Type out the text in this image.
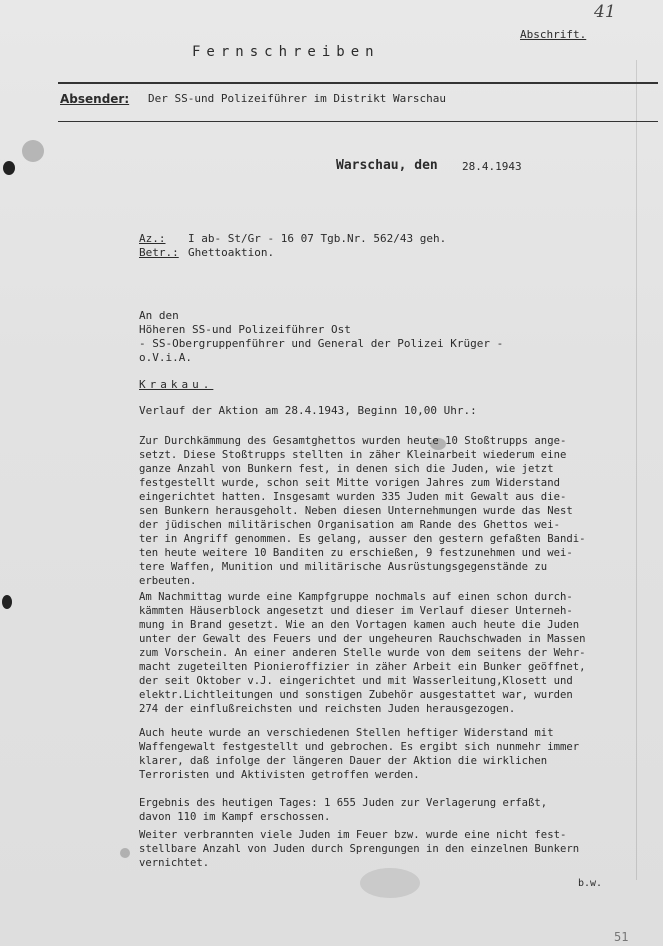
41
Abschrift.
Fernschreiben
Absender: Der SS-und Polizeiführer im Distrikt Warschau
Warschau, den 28.4.1943
Az.: I ab- St/Gr - 16 07 Tgb.Nr. 562/43 geh.
Betr.: Ghettoaktion.
An den
Höheren SS-und Polizeiführer Ost
- SS-Obergruppenführer und General der Polizei Krüger -
o.V.i.A.
Krakau.
Verlauf der Aktion am 28.4.1943, Beginn 10,00 Uhr.:
Zur Durchkämmung des Gesamtghettos wurden heute 10 Stoßtrupps ange-
setzt. Diese Stoßtrupps stellten in zäher Kleinarbeit wiederum eine
ganze Anzahl von Bunkern fest, in denen sich die Juden, wie jetzt
festgestellt wurde, schon seit Mitte vorigen Jahres zum Widerstand
eingerichtet hatten. Insgesamt wurden 335 Juden mit Gewalt aus die-
sen Bunkern herausgeholt. Neben diesen Unternehmungen wurde das Nest
der jüdischen militärischen Organisation am Rande des Ghettos wei-
ter in Angriff genommen. Es gelang, ausser den gestern gefaßten Bandi-
ten heute weitere 10 Banditen zu erschießen, 9 festzunehmen und wei-
tere Waffen, Munition und militärische Ausrüstungsgegenstände zu
erbeuten.
Am Nachmittag wurde eine Kampfgruppe nochmals auf einen schon durch-
kämmten Häuserblock angesetzt und dieser im Verlauf dieser Unterneh-
mung in Brand gesetzt. Wie an den Vortagen kamen auch heute die Juden
unter der Gewalt des Feuers und der ungeheuren Rauchschwaden in Massen
zum Vorschein. An einer anderen Stelle wurde von dem seitens der Wehr-
macht zugeteilten Pionieroffizier in zäher Arbeit ein Bunker geöffnet,
der seit Oktober v.J. eingerichtet und mit Wasserleitung,Klosett und
elektr.Lichtleitungen und sonstigen Zubehör ausgestattet war, wurden
274 der einflußreichsten und reichsten Juden herausgezogen.
Auch heute wurde an verschiedenen Stellen heftiger Widerstand mit
Waffengewalt festgestellt und gebrochen. Es ergibt sich nunmehr immer
klarer, daß infolge der längeren Dauer der Aktion die wirklichen
Terroristen und Aktivisten getroffen werden.
Ergebnis des heutigen Tages: 1 655 Juden zur Verlagerung erfaßt,
davon 110 im Kampf erschossen.
Weiter verbrannten viele Juden im Feuer bzw. wurde eine nicht fest-
stellbare Anzahl von Juden durch Sprengungen in den einzelnen Bunkern
vernichtet.
b.w.
51
